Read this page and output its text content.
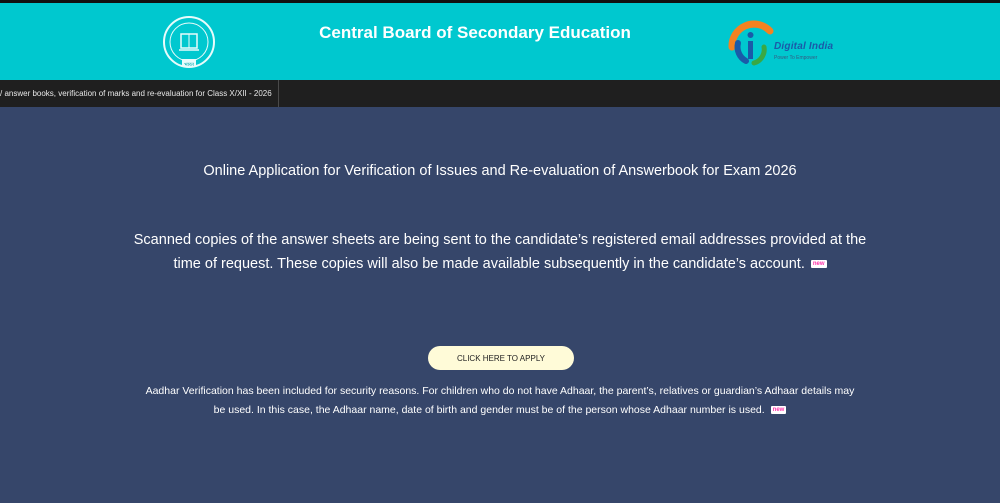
भारत
Central Board of Secondary Education
Digital India
Power To Empower
/ answer books, verification of marks and re-evaluation for Class X/XII - 2026
Online Application for Verification of Issues and Re-evaluation of Answerbook for Exam 2026
Scanned copies of the answer sheets are being sent to the candidate’s registered email addresses provided at the time of request. These copies will also be made available subsequently in the candidate’s account. new
CLICK HERE TO APPLY
Aadhar Verification has been included for security reasons. For children who do not have Adhaar, the parent’s, relatives or guardian’s Adhaar details may be used. In this case, the Adhaar name, date of birth and gender must be of the person whose Adhaar number is used. new
